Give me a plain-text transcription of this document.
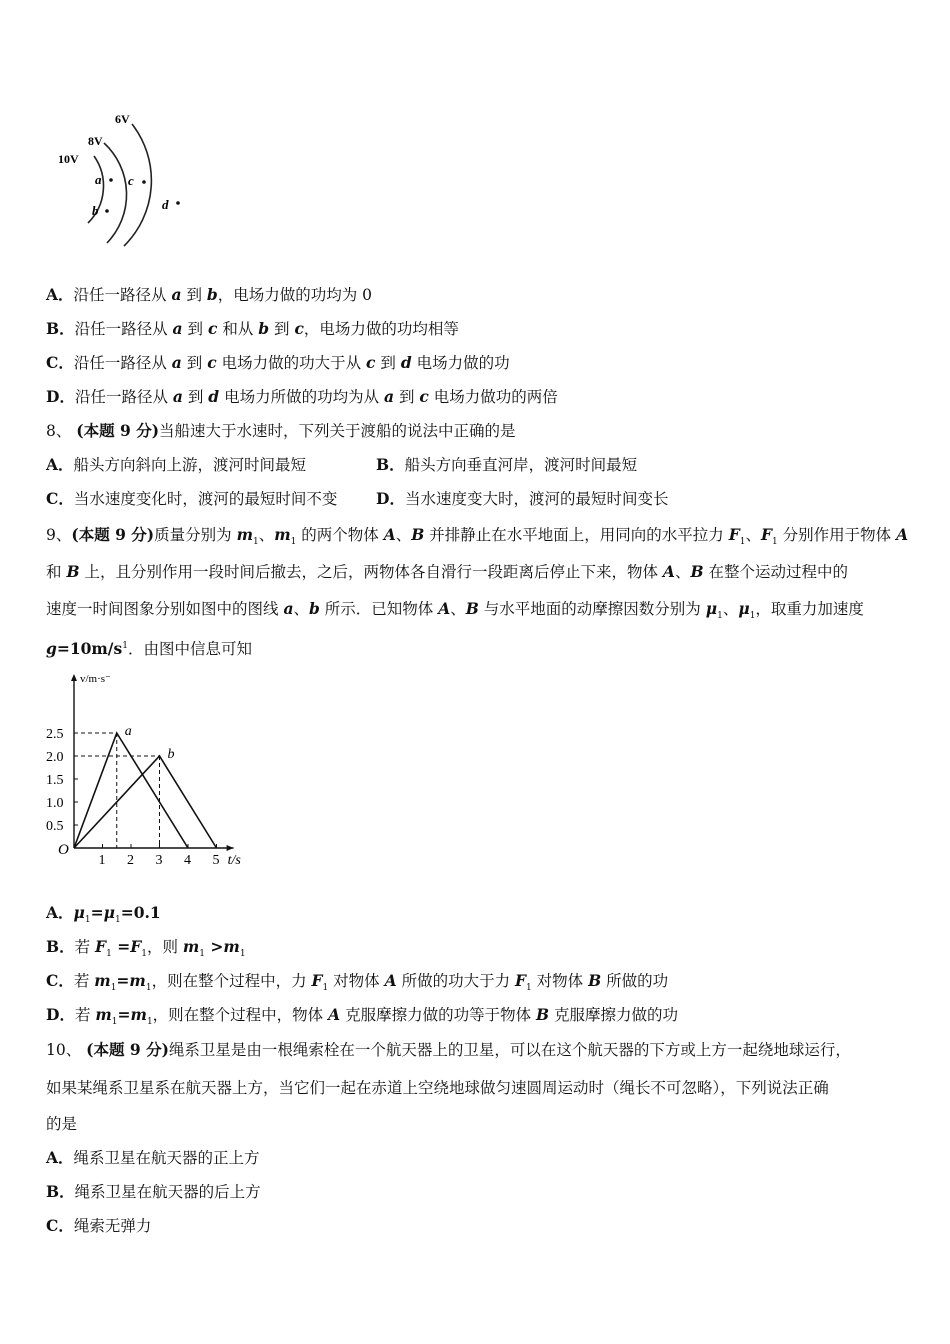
6V
8V
10V
a
b
c
d
A．沿任一路径从 a 到 b，电场力做的功均为 0
B．沿任一路径从 a 到 c 和从 b 到 c，电场力做的功均相等
C．沿任一路径从 a 到 c 电场力做的功大于从 c 到 d 电场力做的功
D．沿任一路径从 a 到 d 电场力所做的功均为从 a 到 c 电场力做功的两倍
8、 (本题 9 分)当船速大于水速时，下列关于渡船的说法中正确的是
A．船头方向斜向上游，渡河时间最短	B．船头方向垂直河岸，渡河时间最短
C．当水速度变化时，渡河的最短时间不变 D．当水速度变大时，渡河的最短时间变长
9、(本题 9 分)质量分别为 $m_1$、$m_1$ 的两个物体 A、B 并排静止在水平地面上，用同向的水平拉力 $F_1$、$F_1$ 分别作用于物体 A
和 B 上，且分别作用一段时间后撤去，之后，两物体各自滑行一段距离后停止下来，物体 A、B 在整个运动过程中的
速度一时间图象分别如图中的图线 a、b 所示．已知物体 A、B 与水平地面的动摩擦因数分别为 $\mu_1$、$\mu_1$，取重力加速度
$g=10m/s^1$．由图中信息可知
0.5
1.0
1.5
2.0
2.5
1 2 3 4 5
O
v/m·s⁻
t/s
a
b
A．$\mu_1=\mu_1=0.1$
B．若 $F_1 =F_1$，则 $m_1 >m_1$
C．若 $m_1=m_1$，则在整个过程中，力 $F_1$ 对物体 A 所做的功大于力 $F_1$ 对物体 B 所做的功
D．若 $m_1=m_1$，则在整个过程中，物体 A 克服摩擦力做的功等于物体 B 克服摩擦力做的功
10、 (本题 9 分)绳系卫星是由一根绳索栓在一个航天器上的卫星，可以在这个航天器的下方或上方一起绕地球运行，
如果某绳系卫星系在航天器上方，当它们一起在赤道上空绕地球做匀速圆周运动时（绳长不可忽略），下列说法正确
的是
A．绳系卫星在航天器的正上方
B．绳系卫星在航天器的后上方
C．绳索无弹力
